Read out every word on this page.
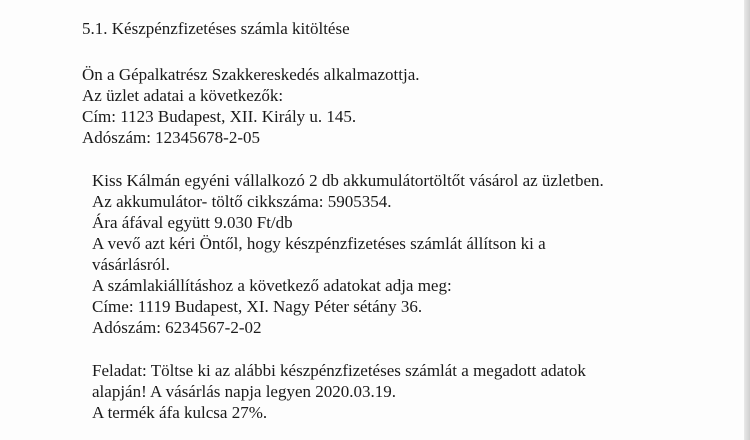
5.1. Készpénzfizetéses számla kitöltése
Ön a Gépalkatrész Szakkereskedés alkalmazottja.
Az üzlet adatai a következők:
Cím: 1123 Budapest, XII. Király u. 145.
Adószám: 12345678-2-05
Kiss Kálmán egyéni vállalkozó 2 db akkumulátortöltőt vásárol az üzletben.
Az akkumulátor- töltő cikkszáma: 5905354.
Ára áfával együtt 9.030 Ft/db
A vevő azt kéri Öntől, hogy készpénzfizetéses számlát állítson ki a
vásárlásról.
A számlakiállításhoz a következő adatokat adja meg:
Címe: 1119 Budapest, XI. Nagy Péter sétány 36.
Adószám: 6234567-2-02
Feladat: Töltse ki az alábbi készpénzfizetéses számlát a megadott adatok
alapján! A vásárlás napja legyen 2020.03.19.
A termék áfa kulcsa 27%.
